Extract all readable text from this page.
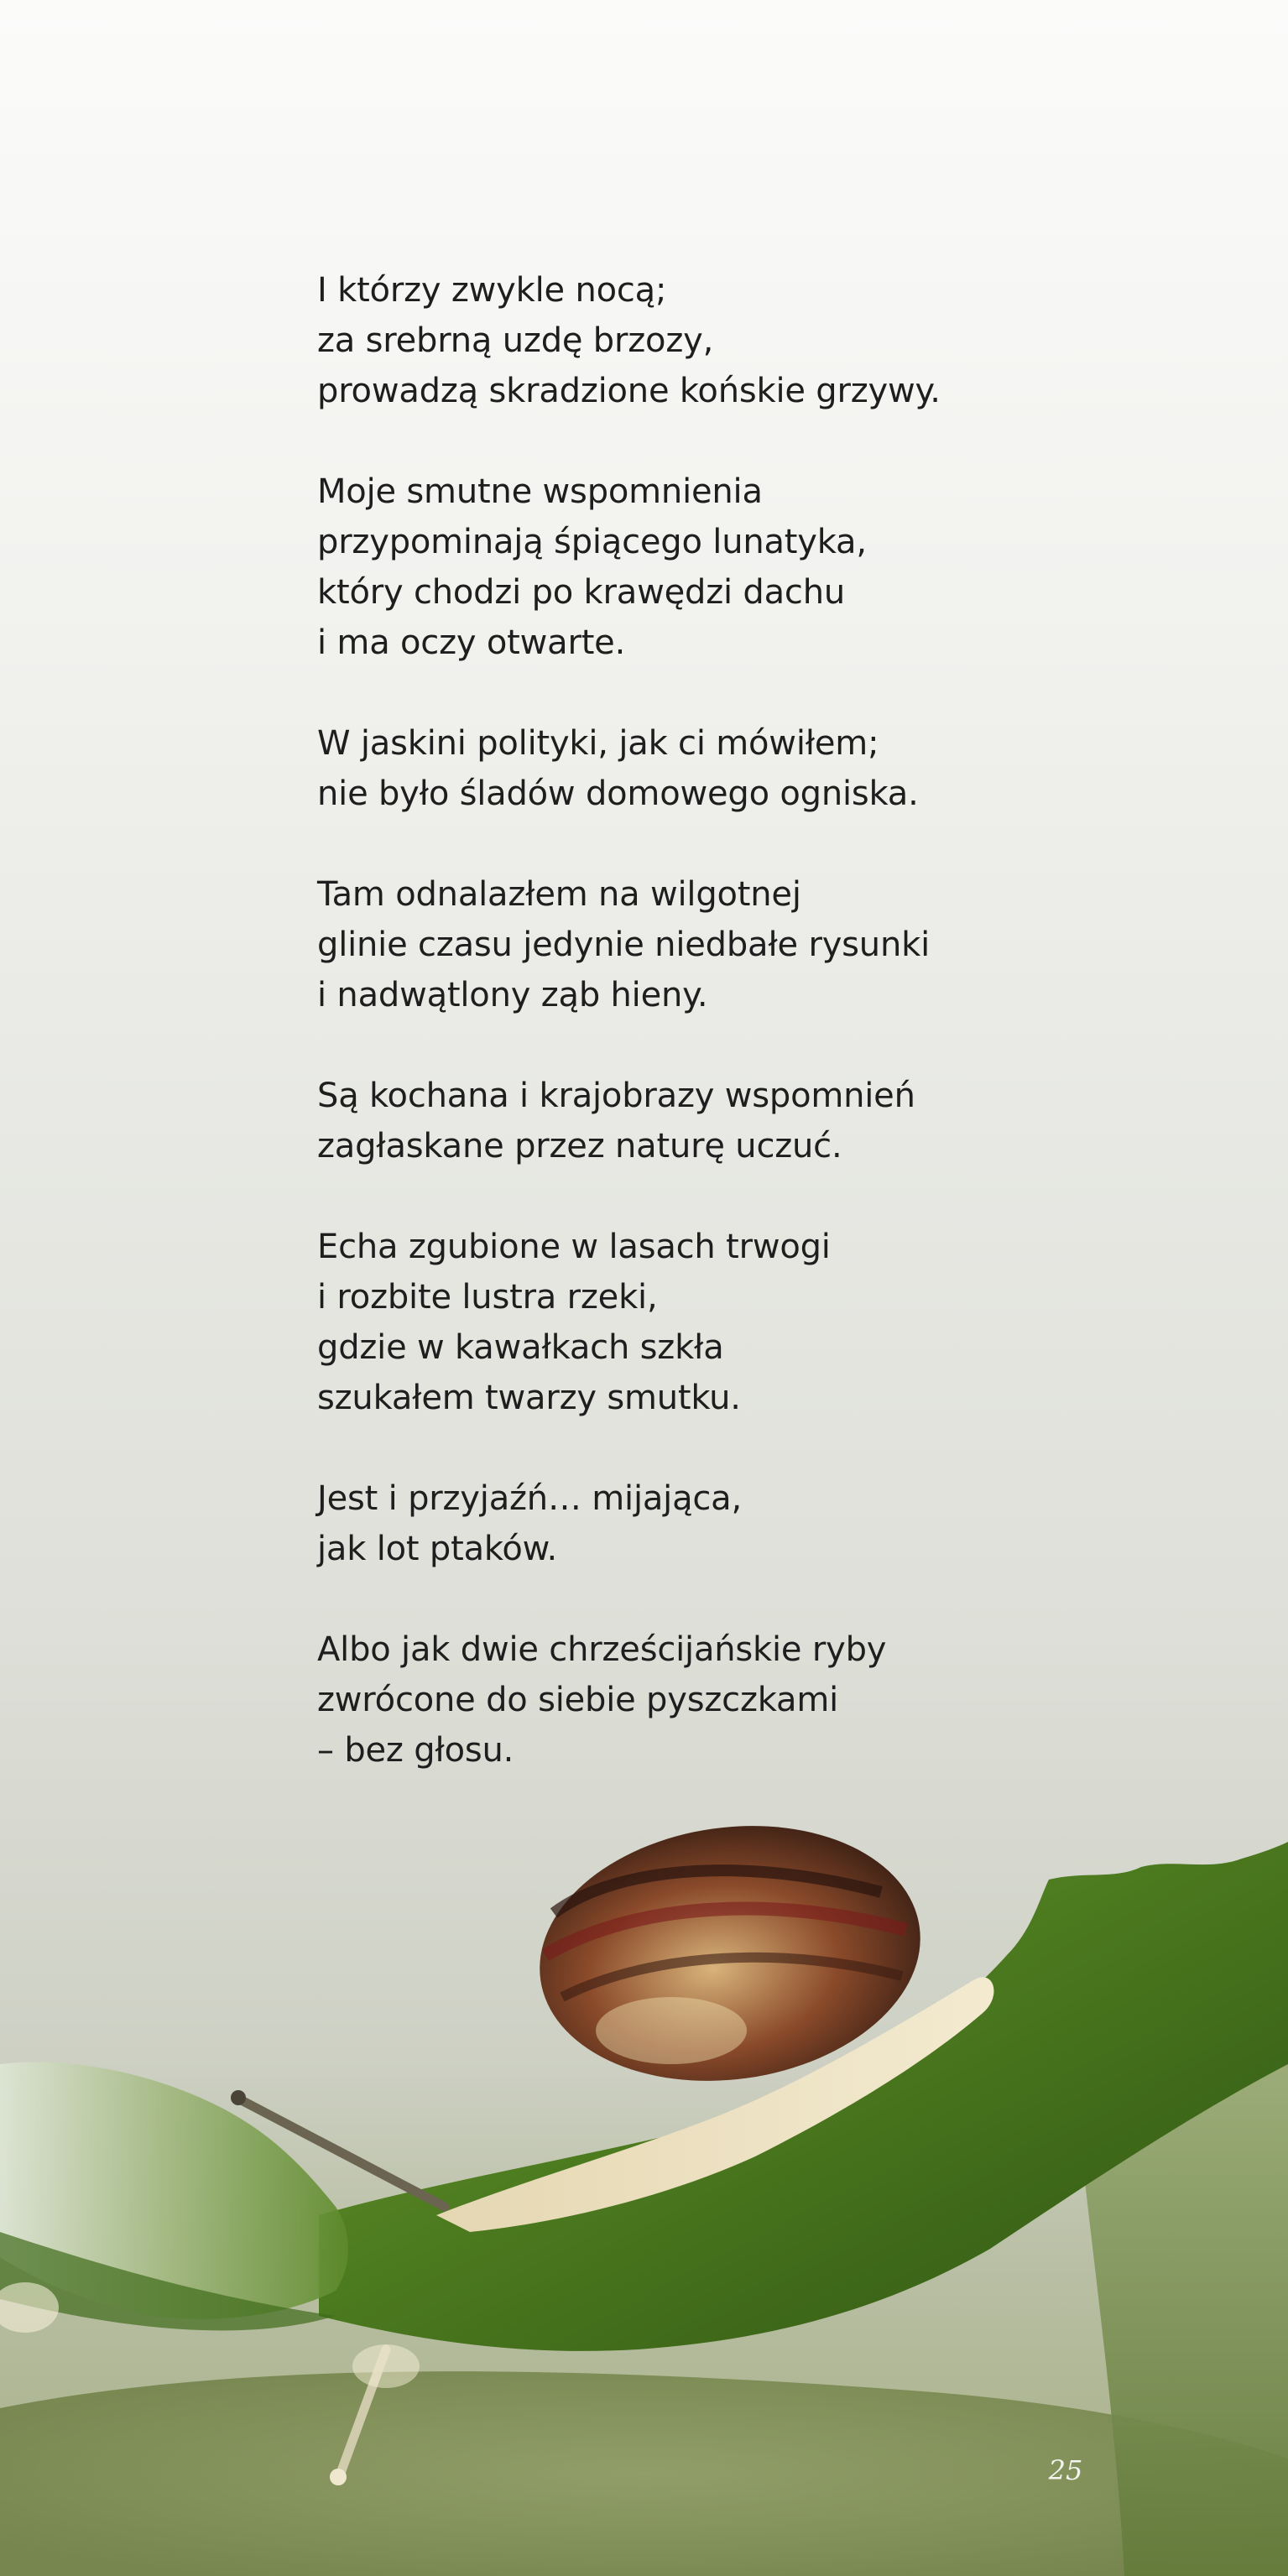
I którzy zwykle nocą;
za srebrną uzdę brzozy,
prowadzą skradzione końskie grzywy.
Moje smutne wspomnienia
przypominają śpiącego lunatyka,
który chodzi po krawędzi dachu
i ma oczy otwarte.
W jaskini polityki, jak ci mówiłem;
nie było śladów domowego ogniska.
Tam odnalazłem na wilgotnej
glinie czasu jedynie niedbałe rysunki
i nadwątlony ząb hieny.
Są kochana i krajobrazy wspomnień
zagłaskane przez naturę uczuć.
Echa zgubione w lasach trwogi
i rozbite lustra rzeki,
gdzie w kawałkach szkła
szukałem twarzy smutku.
Jest i przyjaźń… mijająca,
jak lot ptaków.
Albo jak dwie chrześcijańskie ryby
zwrócone do siebie pyszczkami
– bez głosu.
25
